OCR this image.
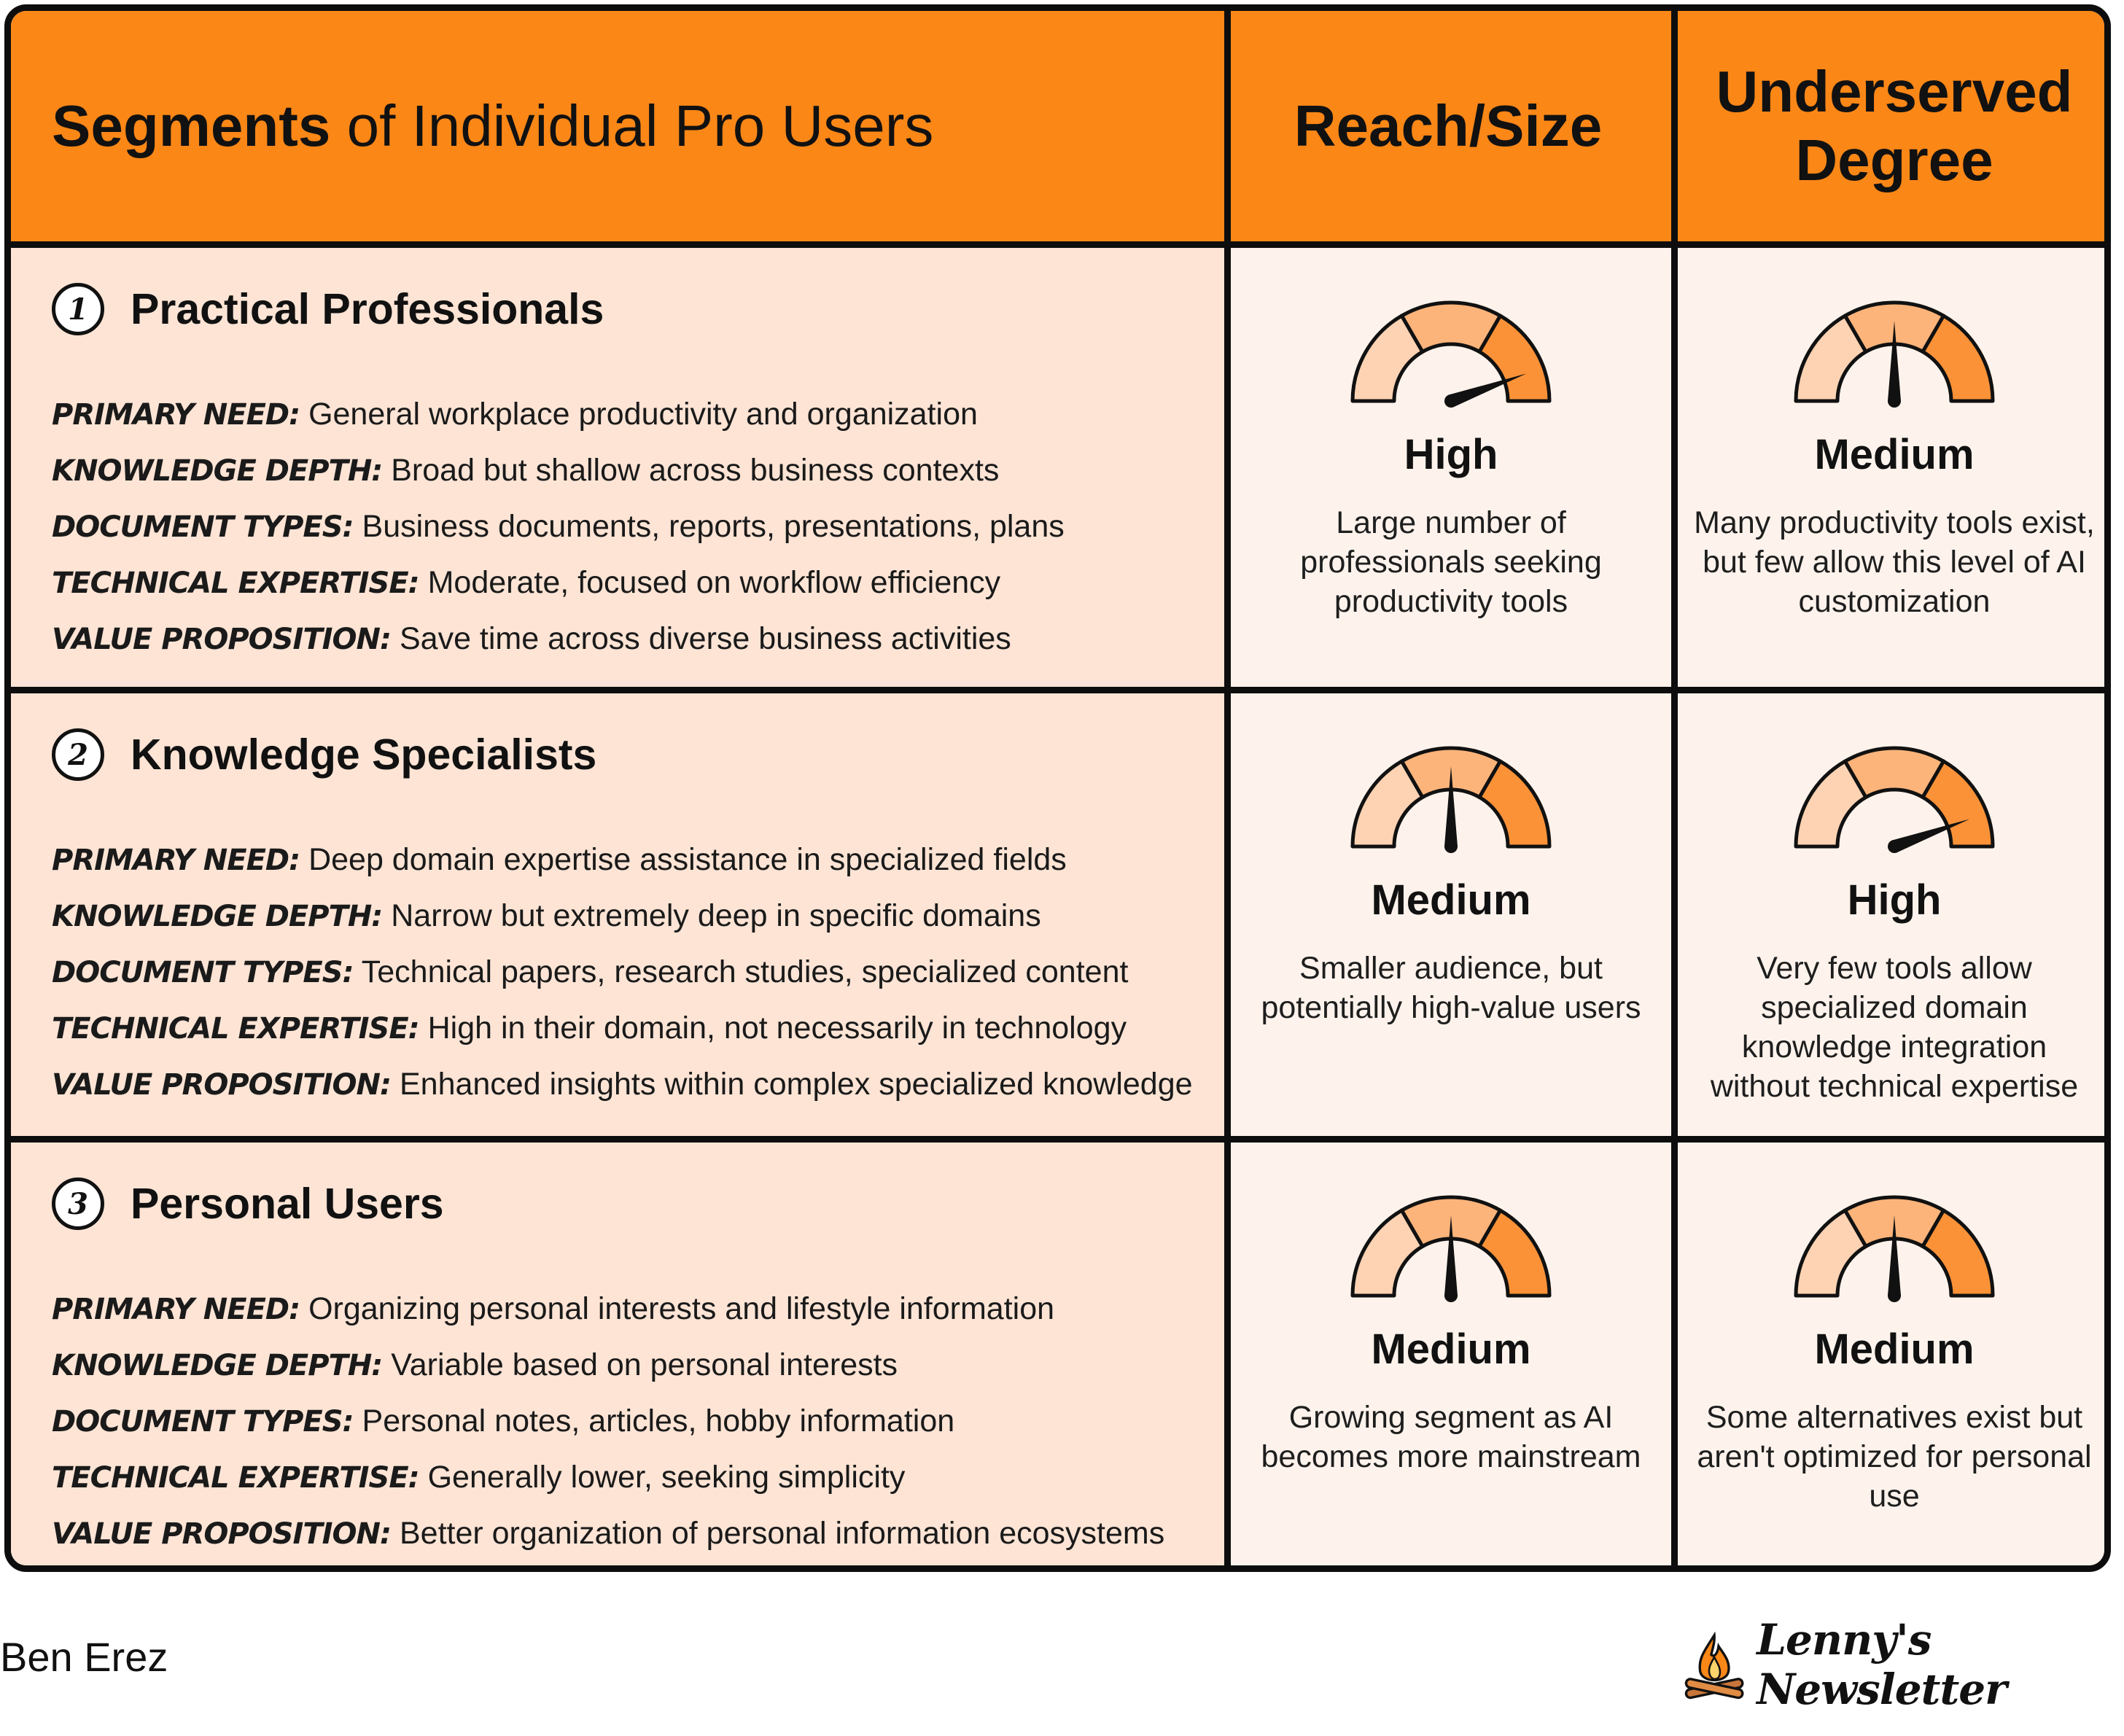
Segments
of Individual Pro Users	Reach/Size
Underserved
Degree
1 Practical Professionals
PRIMARY NEED: General workplace productivity and organization
KNOWLEDGE DEPTH: Broad but shallow across business contexts
DOCUMENT TYPES: Business documents, reports, presentations, plans
TECHNICAL EXPERTISE: Moderate, focused on workflow efficiency
VALUE PROPOSITION: Save time across diverse business activities
High
Large number of professionals seeking productivity tools
Medium
Many productivity tools exist, but few allow this level of AI customization
2 Knowledge Specialists
PRIMARY NEED: Deep domain expertise assistance in specialized fields
KNOWLEDGE DEPTH: Narrow but extremely deep in specific domains
DOCUMENT TYPES: Technical papers, research studies, specialized content
TECHNICAL EXPERTISE: High in their domain, not necessarily in technology
VALUE PROPOSITION: Enhanced insights within complex specialized knowledge
Medium
Smaller audience, but potentially high-value users
High
Very few tools allow specialized domain knowledge integration without technical expertise
3 Personal Users
PRIMARY NEED: Organizing personal interests and lifestyle information
KNOWLEDGE DEPTH: Variable based on personal interests
DOCUMENT TYPES: Personal notes, articles, hobby information
TECHNICAL EXPERTISE: Generally lower, seeking simplicity
VALUE PROPOSITION: Better organization of personal information ecosystems
Medium
Growing segment as AI becomes more mainstream
Medium
Some alternatives exist but aren't optimized for personal use
Ben Erez	Lenny's Newsletter
